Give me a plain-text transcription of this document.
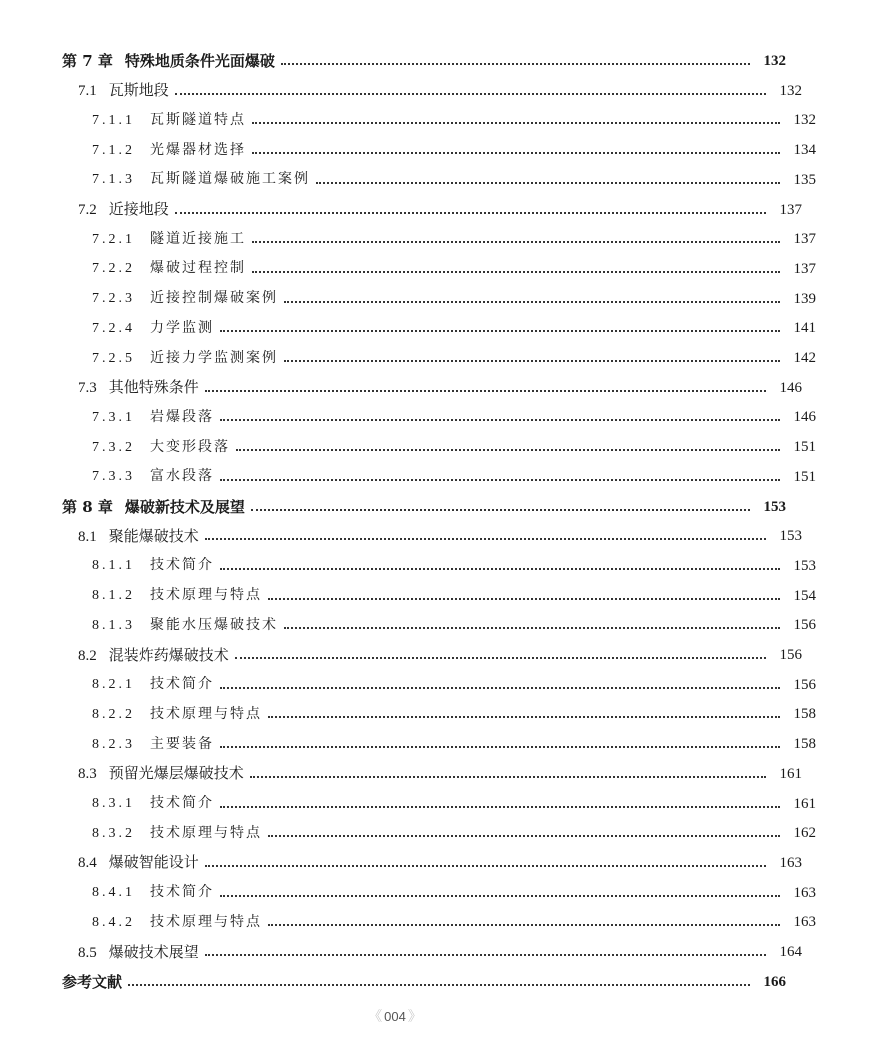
第 7 章 特殊地质条件光面爆破	132
7.1 瓦斯地段	132
7.1.1 瓦斯隧道特点	132
7.1.2 光爆器材选择	134
7.1.3 瓦斯隧道爆破施工案例	135
7.2 近接地段	137
7.2.1 隧道近接施工	137
7.2.2 爆破过程控制	137
7.2.3 近接控制爆破案例	139
7.2.4 力学监测	141
7.2.5 近接力学监测案例	142
7.3 其他特殊条件	146
7.3.1 岩爆段落	146
7.3.2 大变形段落	151
7.3.3 富水段落	151
第 8 章 爆破新技术及展望	153
8.1 聚能爆破技术	153
8.1.1 技术简介	153
8.1.2 技术原理与特点	154
8.1.3 聚能水压爆破技术	156
8.2 混装炸药爆破技术	156
8.2.1 技术简介	156
8.2.2 技术原理与特点	158
8.2.3 主要装备	158
8.3 预留光爆层爆破技术	161
8.3.1 技术简介	161
8.3.2 技术原理与特点	162
8.4 爆破智能设计	163
8.4.1 技术简介	163
8.4.2 技术原理与特点	163
8.5 爆破技术展望	164
参考文献	166
《 004 》
